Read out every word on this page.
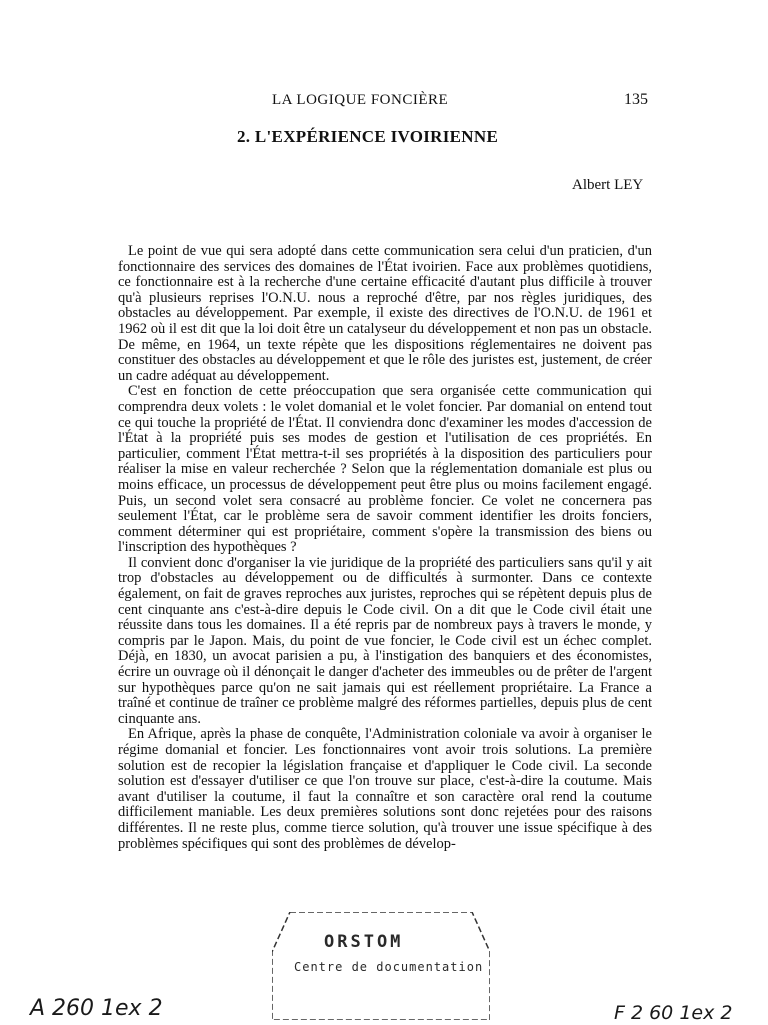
LA LOGIQUE FONCIÈRE	135
2. L'EXPÉRIENCE IVOIRIENNE
Albert LEY

Le point de vue qui sera adopté dans cette communication sera celui d'un praticien, d'un fonctionnaire des services des domaines de l'État ivoirien. Face aux problèmes quotidiens, ce fonctionnaire est à la recherche d'une certaine efficacité d'autant plus difficile à trouver qu'à plusieurs reprises l'O.N.U. nous a reproché d'être, par nos règles juridiques, des obstacles au développement. Par exemple, il existe des directives de l'O.N.U. de 1961 et 1962 où il est dit que la loi doit être un catalyseur du développement et non pas un obstacle. De même, en 1964, un texte répète que les dispositions réglementaires ne doivent pas constituer des obstacles au développement et que le rôle des juristes est, justement, de créer un cadre adéquat au développement.

C'est en fonction de cette préoccupation que sera organisée cette communication qui comprendra deux volets : le volet domanial et le volet foncier. Par domanial on entend tout ce qui touche la propriété de l'État. Il conviendra donc d'examiner les modes d'accession de l'État à la propriété puis ses modes de gestion et l'utilisation de ces propriétés. En particulier, comment l'État mettra-t-il ses propriétés à la disposition des particuliers pour réaliser la mise en valeur recherchée ? Selon que la réglementation domaniale est plus ou moins efficace, un processus de développement peut être plus ou moins facilement engagé. Puis, un second volet sera consacré au problème foncier. Ce volet ne concernera pas seulement l'État, car le problème sera de savoir comment identifier les droits fonciers, comment déterminer qui est propriétaire, comment s'opère la transmission des biens ou l'inscription des hypothèques ?

Il convient donc d'organiser la vie juridique de la propriété des particuliers sans qu'il y ait trop d'obstacles au développement ou de difficultés à surmonter. Dans ce contexte également, on fait de graves reproches aux juristes, reproches qui se répètent depuis plus de cent cinquante ans c'est-à-dire depuis le Code civil. On a dit que le Code civil était une réussite dans tous les domaines. Il a été repris par de nombreux pays à travers le monde, y compris par le Japon. Mais, du point de vue foncier, le Code civil est un échec complet. Déjà, en 1830, un avocat parisien a pu, à l'instigation des banquiers et des économistes, écrire un ouvrage où il dénonçait le danger d'acheter des immeubles ou de prêter de l'argent sur hypothèques parce qu'on ne sait jamais qui est réellement propriétaire. La France a traîné et continue de traîner ce problème malgré des réformes partielles, depuis plus de cent cinquante ans.

En Afrique, après la phase de conquête, l'Administration coloniale va avoir à organiser le régime domanial et foncier. Les fonctionnaires vont avoir trois solutions. La première solution est de recopier la législation française et d'appliquer le Code civil. La seconde solution est d'essayer d'utiliser ce que l'on trouve sur place, c'est-à-dire la coutume. Mais avant d'utiliser la coutume, il faut la connaître et son caractère oral rend la coutume difficilement maniable. Les deux premières solutions sont donc rejetées pour des raisons différentes. Il ne reste plus, comme tierce solution, qu'à trouver une issue spécifique à des problèmes spécifiques qui sont des problèmes de dévelop-

ORSTOM
Centre de documentation
A 260 1ex 2	F 2 60 1ex 2
